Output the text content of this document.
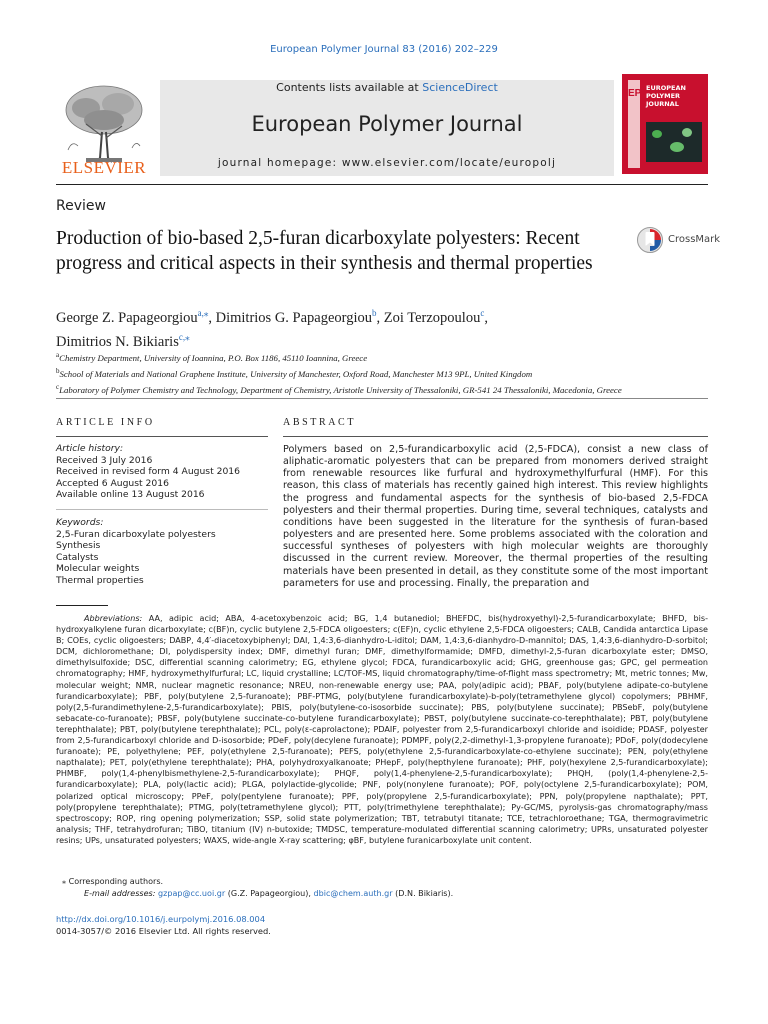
European Polymer Journal 83 (2016) 202–229
ELSEVIER
Contents lists available at ScienceDirect
European Polymer Journal
journal homepage: www.elsevier.com/locate/europolj
EPJ EUROPEAN
POLYMER
JOURNAL
Review
Production of bio-based 2,5-furan dicarboxylate polyesters: Recent progress and critical aspects in their synthesis and thermal properties
CrossMark
George Z. Papageorgiou$^{a,⁎}$, Dimitrios G. Papageorgiou$^b$, Zoi Terzopoulou$^c$,
Dimitrios N. Bikiaris$^{c,⁎}$
$^a$Chemistry Department, University of Ioannina, P.O. Box 1186, 45110 Ioannina, Greece
$^b$School of Materials and National Graphene Institute, University of Manchester, Oxford Road, Manchester M13 9PL, United Kingdom
$^c$Laboratory of Polymer Chemistry and Technology, Department of Chemistry, Aristotle University of Thessaloniki, GR-541 24 Thessaloniki, Macedonia, Greece
ARTICLE INFO
Article history:
Received 3 July 2016
Received in revised form 4 August 2016
Accepted 6 August 2016
Available online 13 August 2016
Keywords:
2,5-Furan dicarboxylate polyesters
Synthesis
Catalysts
Molecular weights
Thermal properties
ABSTRACT
Polymers based on 2,5-furandicarboxylic acid (2,5-FDCA), consist a new class of aliphatic-aromatic polyesters that can be prepared from monomers derived straight from renewable resources like furfural and hydroxymethylfurfural (HMF). For this reason, this class of materials has recently gained high interest. This review highlights the progress and fundamental aspects for the synthesis of bio-based 2,5-FDCA polyesters and their thermal properties. During time, several techniques, catalysts and conditions have been suggested in the literature for the synthesis of furan-based polyesters and are presented here. Some problems associated with the coloration and successful syntheses of polyesters with high molecular weights are thoroughly discussed in the current review. Moreover, the thermal properties of the resulting materials have been presented in detail, as they constitute some of the most important parameters for use and processing. Finally, the preparation and
Abbreviations: AA, adipic acid; ABA, 4-acetoxybenzoic acid; BG, 1,4 butanediol; BHEFDC, bis(hydroxyethyl)-2,5-furandicarboxylate; BHFD, bis-hydroxyalkylene furan dicarboxylate; c(BF)n, cyclic butylene 2,5-FDCA oligoesters; c(EF)n, cyclic ethylene 2,5-FDCA oligoesters; CALB, Candida antarctica Lipase B; COEs, cyclic oligoesters; DABP, 4,4′-diacetoxybiphenyl; DAI, 1,4:3,6-dianhydro-L-iditol; DAM, 1,4:3,6-dianhydro-D-mannitol; DAS, 1,4:3,6-dianhydro-D-sorbitol; DCM, dichloromethane; DI, polydispersity index; DMF, dimethyl furan; DMF, dimethylformamide; DMFD, dimethyl-2,5-furan dicarboxylate ester; DMSO, dimethylsulfoxide; DSC, differential scanning calorimetry; EG, ethylene glycol; FDCA, furandicarboxylic acid; GHG, greenhouse gas; GPC, gel permeation chromatography; HMF, hydroxymethylfurfural; LC, liquid crystalline; LC/TOF-MS, liquid chromatography/time-of-flight mass spectrometry; Mt, metric tonnes; Mw, molecular weight; NMR, nuclear magnetic resonance; NREU, non-renewable energy use; PAA, poly(adipic acid); PBAF, poly(butylene adipate-co-butylene furandicarboxylate); PBF, poly(butylene 2,5-furanoate); PBF-PTMG, poly(butylene furandicarboxylate)-b-poly(tetramethylene glycol) copolymers; PBHMF, poly(2,5-furandimethylene-2,5-furandicarboxylate); PBIS, poly(butylene-co-isosorbide succinate); PBS, poly(butylene succinate); PBSebF, poly(butylene sebacate-co-furanoate); PBSF, poly(butylene succinate-co-butylene furandicarboxylate); PBST, poly(butylene succinate-co-terephthalate); PBT, poly(butylene terephthalate); PBT, poly(butylene terephthalate); PCL, poly(ε-caprolactone); PDAIF, polyester from 2,5-furandicarboxyl chloride and isoidide; PDASF, polyester from 2,5-furandicarboxyl chloride and D-isosorbide; PDeF, poly(decylene furanoate); PDMPF, poly(2,2-dimethyl-1,3-propylene furanoate); PDoF, poly(dodecylene furanoate); PE, polyethylene; PEF, poly(ethylene 2,5-furanoate); PEFS, poly(ethylene 2,5-furandicarboxylate-co-ethylene succinate); PEN, poly(ethylene napthalate); PET, poly(ethylene terephthalate); PHA, polyhydroxyalkanoate; PHepF, poly(hepthylene furanoate); PHF, poly(hexylene 2,5-furandicarboxylate); PHMBF, poly(1,4-phenylbismethylene-2,5-furandicarboxylate); PHQF, poly(1,4-phenylene-2,5-furandicarboxylate); PHQH, (poly(1,4-phenylene-2,5-furandicarboxylate); PLA, poly(lactic acid); PLGA, polylactide-glycolide; PNF, poly(nonylene furanoate); POF, poly(octylene 2,5-furandicarboxylate); POM, polarized optical microscopy; PPeF, poly(pentylene furanoate); PPF, poly(propylene 2,5-furandicarboxylate); PPN, poly(propylene napthalate); PPT, poly(propylene terephthalate); PTMG, poly(tetramethylene glycol); PTT, poly(trimethylene terephthalate); Py-GC/MS, pyrolysis-gas chromatography/mass spectroscopy; ROP, ring opening polymerization; SSP, solid state polymerization; TBT, tetrabutyl titanate; TCE, tetrachloroethane; TGA, thermogravimetric analysis; THF, tetrahydrofuran; TiBO, titanium (IV) n-butoxide; TMDSC, temperature-modulated differential scanning calorimetry; UPRs, unsaturated polyester resins; UPs, unsaturated polyesters; WAXS, wide-angle X-ray scattering; φBF, butylene furanicarboxylate unit content.
⁎ Corresponding authors.
E-mail addresses: gzpap@cc.uoi.gr (G.Z. Papageorgiou), dbic@chem.auth.gr (D.N. Bikiaris).
http://dx.doi.org/10.1016/j.eurpolymj.2016.08.004
0014-3057/© 2016 Elsevier Ltd. All rights reserved.
